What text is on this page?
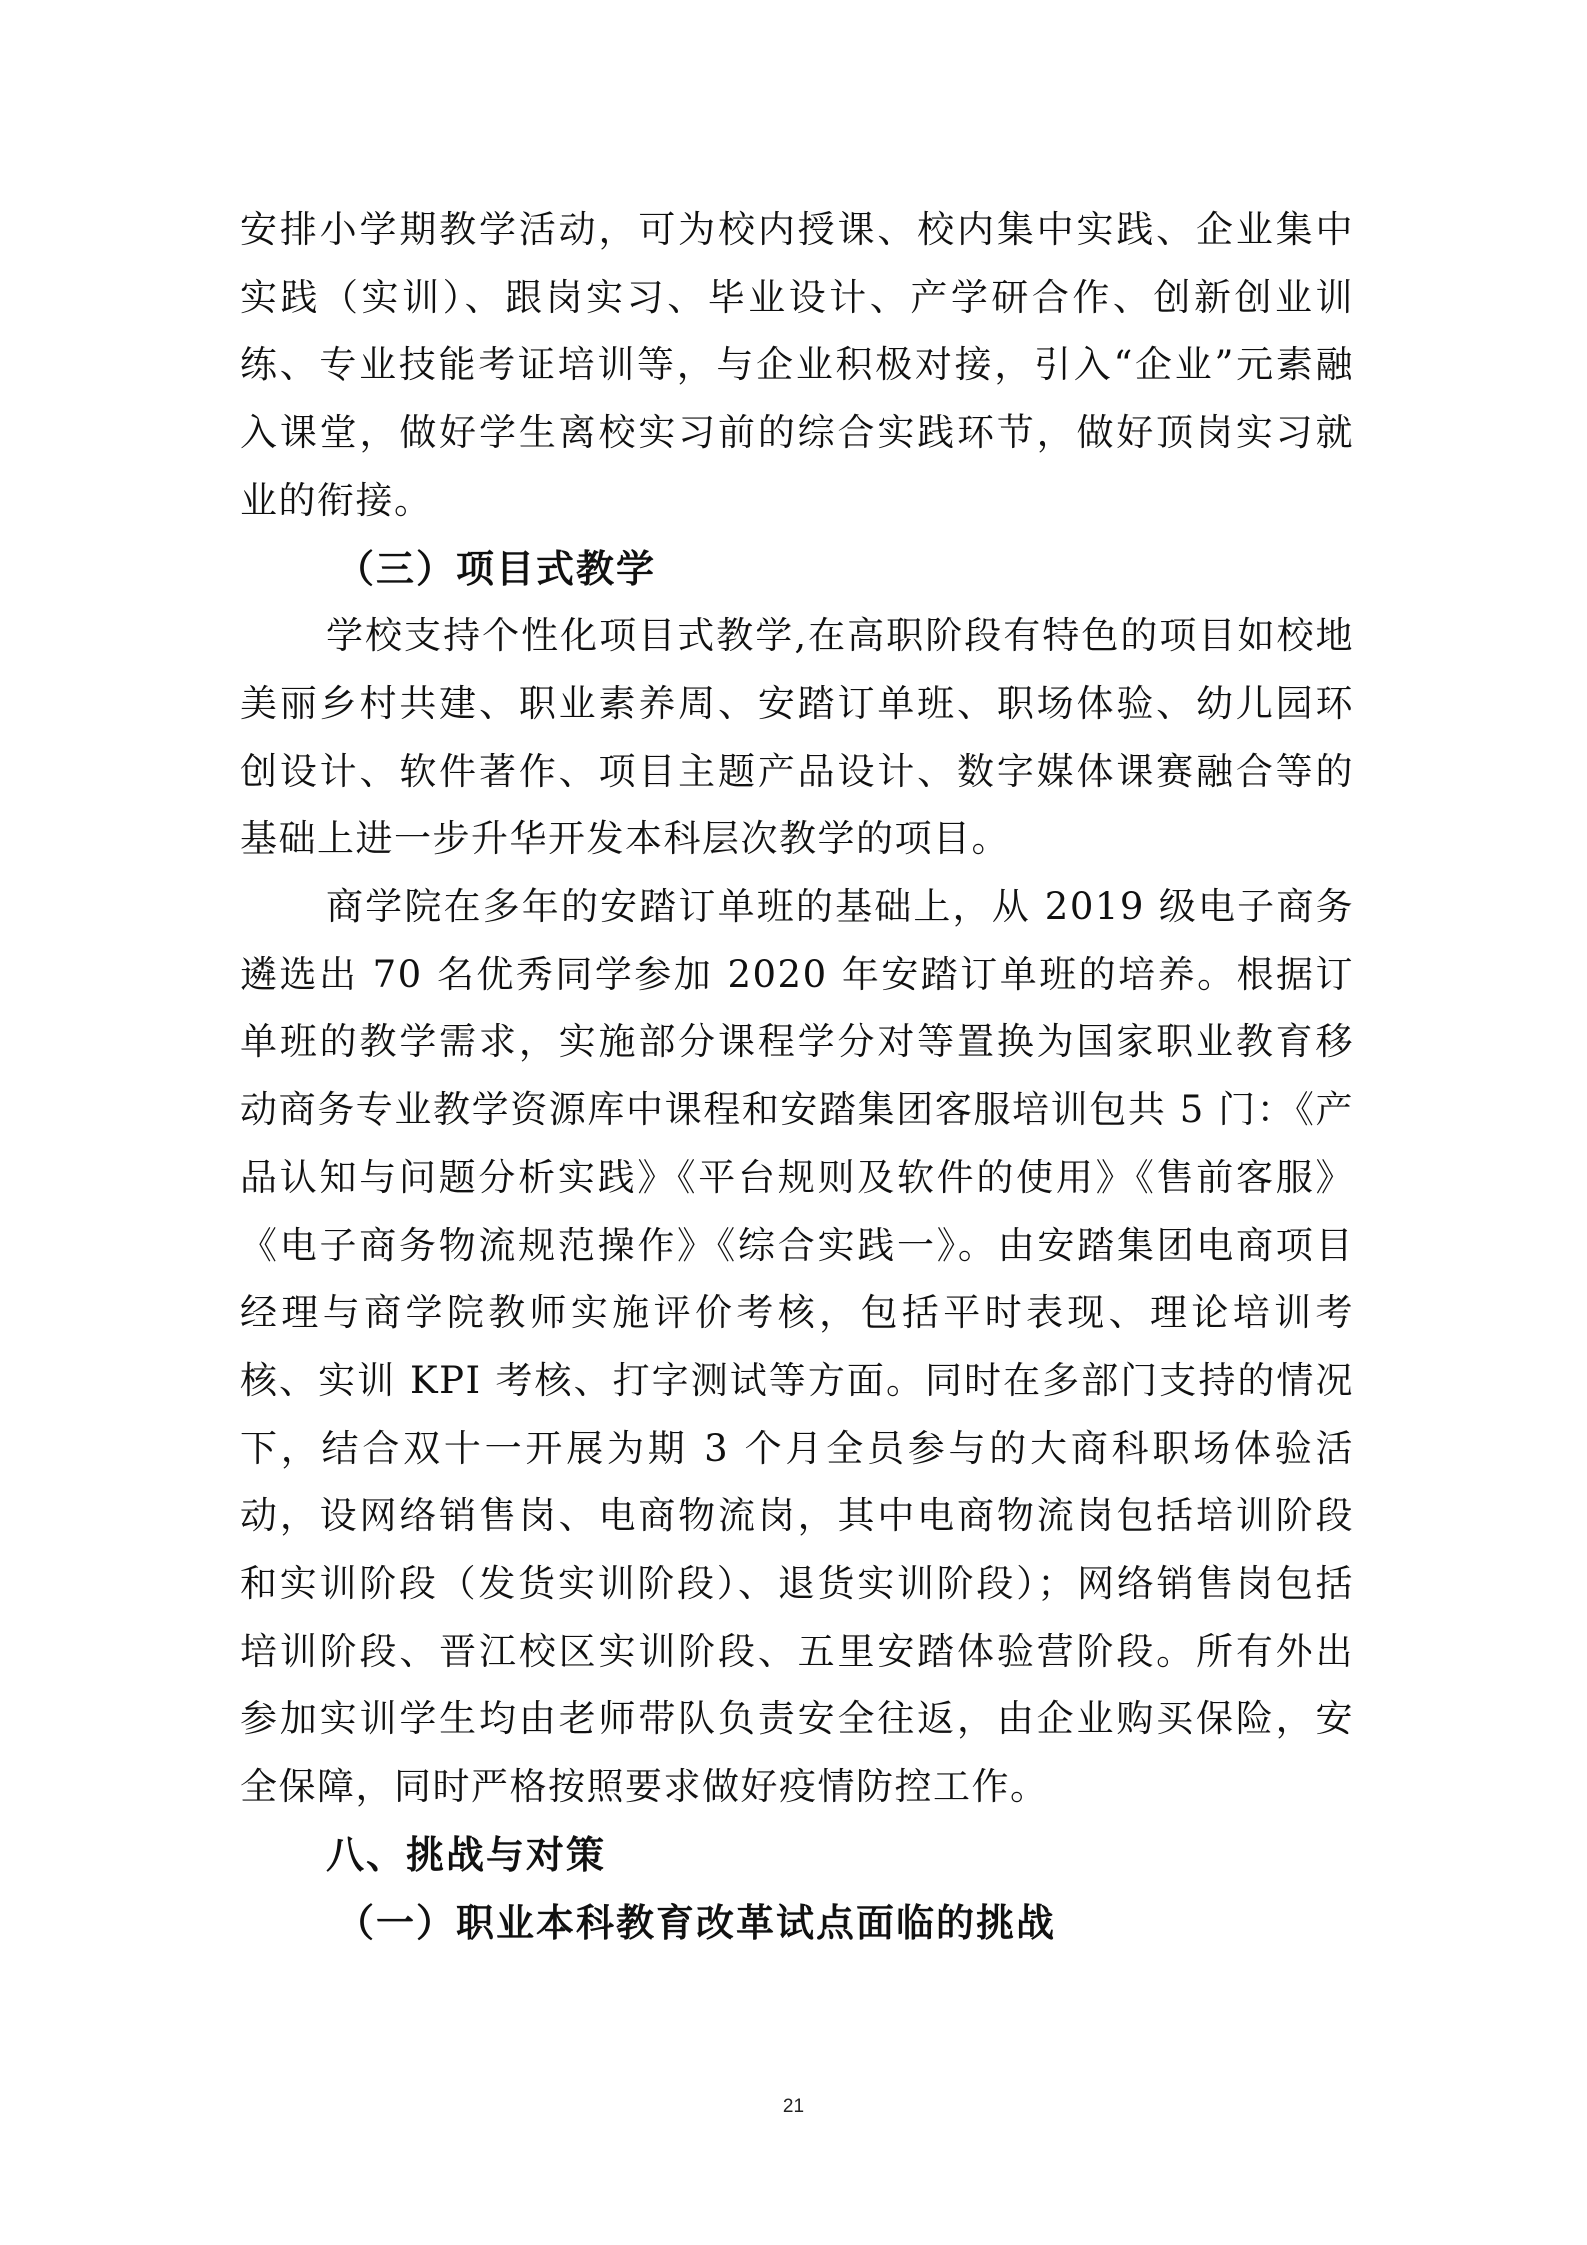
安排小学期教学活动，可为校内授课、校内集中实践、企业集中实践（实训）、跟岗实习、毕业设计、产学研合作、创新创业训练、专业技能考证培训等，与企业积极对接，引入“企业”元素融入课堂，做好学生离校实习前的综合实践环节，做好顶岗实习就业的衔接。

（三）项目式教学

学校支持个性化项目式教学,在高职阶段有特色的项目如校地美丽乡村共建、职业素养周、安踏订单班、职场体验、幼儿园环创设计、软件著作、项目主题产品设计、数字媒体课赛融合等的基础上进一步升华开发本科层次教学的项目。

商学院在多年的安踏订单班的基础上，从 2019 级电子商务遴选出 70 名优秀同学参加 2020 年安踏订单班的培养。根据订单班的教学需求，实施部分课程学分对等置换为国家职业教育移动商务专业教学资源库中课程和安踏集团客服培训包共 5 门：《产品认知与问题分析实践》《平台规则及软件的使用》《售前客服》《电子商务物流规范操作》《综合实践一》。由安踏集团电商项目经理与商学院教师实施评价考核，包括平时表现、理论培训考核、实训 KPI 考核、打字测试等方面。同时在多部门支持的情况下，结合双十一开展为期 3 个月全员参与的大商科职场体验活动，设网络销售岗、电商物流岗，其中电商物流岗包括培训阶段和实训阶段（发货实训阶段）、退货实训阶段）；网络销售岗包括培训阶段、晋江校区实训阶段、五里安踏体验营阶段。所有外出参加实训学生均由老师带队负责安全往返，由企业购买保险，安全保障，同时严格按照要求做好疫情防控工作。

八、挑战与对策
（一）职业本科教育改革试点面临的挑战
21
